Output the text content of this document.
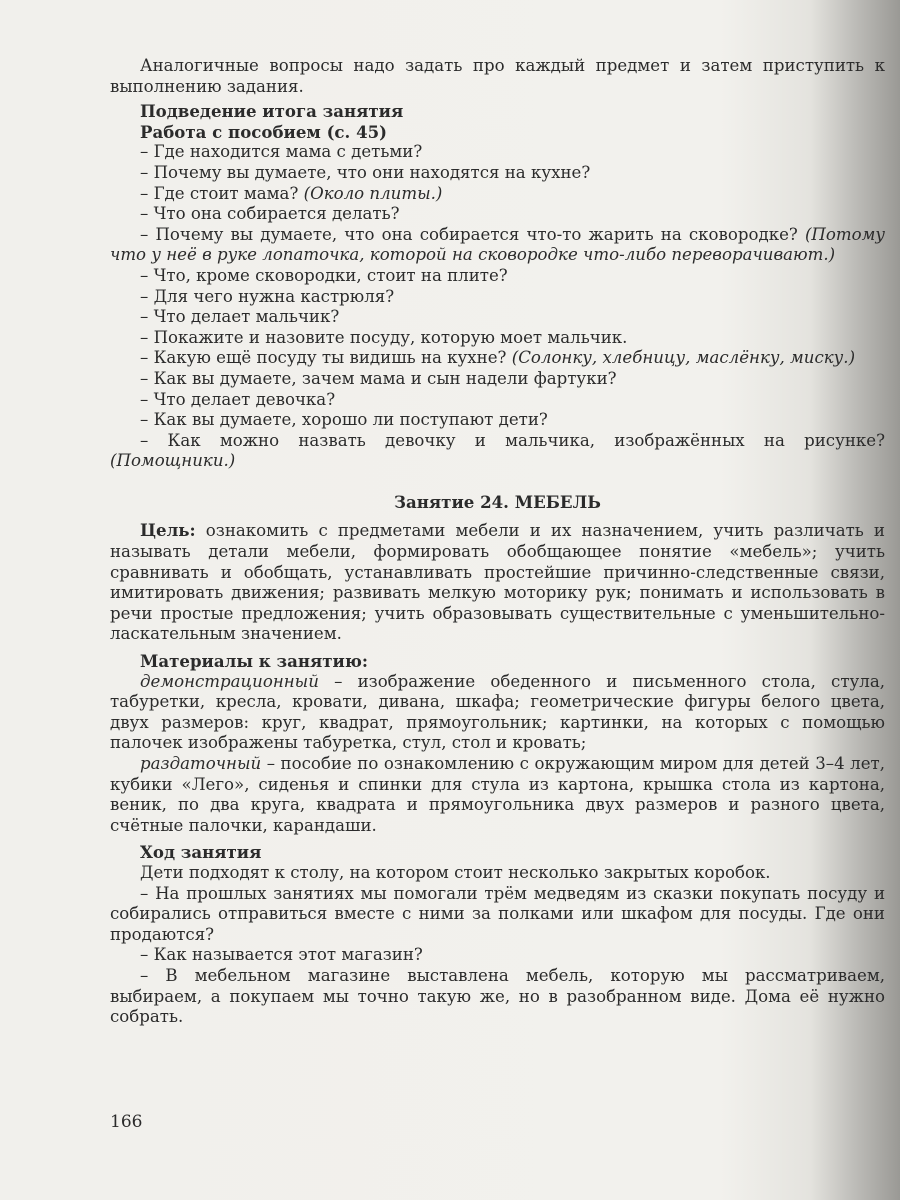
Аналогичные вопросы надо задать про каждый предмет и затем приступить к выполнению задания.

Подведение итога занятия

Работа с пособием (с. 45)

– Где находится мама с детьми?

– Почему вы думаете, что они находятся на кухне?

– Где стоит мама? (Около плиты.)

– Что она собирается делать?

– Почему вы думаете, что она собирается что-то жарить на сковородке? (Потому что у неё в руке лопаточка, которой на сковородке что-либо переворачивают.)

– Что, кроме сковородки, стоит на плите?

– Для чего нужна кастрюля?

– Что делает мальчик?

– Покажите и назовите посуду, которую моет мальчик.

– Какую ещё посуду ты видишь на кухне? (Солонку, хлебницу, маслёнку, миску.)

– Как вы думаете, зачем мама и сын надели фартуки?

– Что делает девочка?

– Как вы думаете, хорошо ли поступают дети?

– Как можно назвать девочку и мальчика, изображённых на рисунке? (Помощники.)

Занятие 24. МЕБЕЛЬ

Цель: ознакомить с предметами мебели и их назначением, учить различать и называть детали мебели, формировать обобщающее понятие «мебель»; учить сравнивать и обобщать, устанавливать простейшие причинно-следственные связи, имитировать движения; развивать мелкую моторику рук; понимать и использовать в речи простые предложения; учить образовывать существительные с уменьшительно-ласкательным значением.

Материалы к занятию:

демонстрационный – изображение обеденного и письменного стола, стула, табуретки, кресла, кровати, дивана, шкафа; геометрические фигуры белого цвета, двух размеров: круг, квадрат, прямоугольник; картинки, на которых с помощью палочек изображены табуретка, стул, стол и кровать;

раздаточный – пособие по ознакомлению с окружающим миром для детей 3–4 лет, кубики «Лего», сиденья и спинки для стула из картона, крышка стола из картона, веник, по два круга, квадрата и прямоугольника двух размеров и разного цвета, счётные палочки, карандаши.

Ход занятия

Дети подходят к столу, на котором стоит несколько закрытых коробок.

– На прошлых занятиях мы помогали трём медведям из сказки покупать посуду и собирались отправиться вместе с ними за полками или шкафом для посуды. Где они продаются?

– Как называется этот магазин?

– В мебельном магазине выставлена мебель, которую мы рассматриваем, выбираем, а покупаем мы точно такую же, но в разобранном виде. Дома её нужно собрать.

166
